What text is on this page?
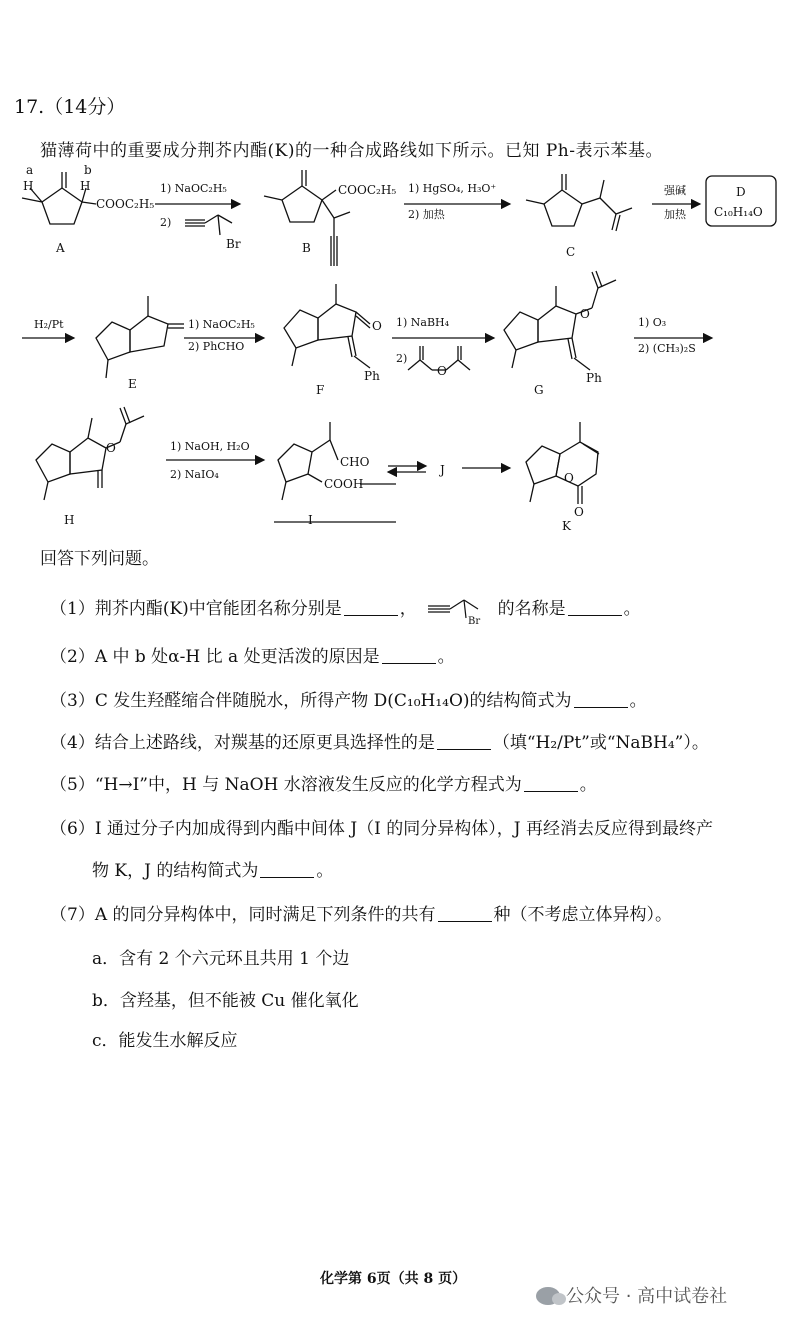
17.（14分）
猫薄荷中的重要成分荆芥内酯(K)的一种合成路线如下所示。已知 Ph-表示苯基。
a
H
b
H
COOC₂H₅
A
1) NaOC₂H₅
2)
Br
COOC₂H₅
B
1) HgSO₄, H₃O⁺
2) 加热
C
强碱
加热
D
C₁₀H₁₄O
H₂/Pt
E
1) NaOC₂H₅
2) PhCHO
O
Ph
F
1) NaBH₄
2)
O	Ph
O
G
1) O₃
2) (CH₃)₂S
O
H
1) NaOH, H₂O
2) NaIO₄
CHO
COOH
I
J
O
O
K
回答下列问题。
（1）荆芥内酯(K)中官能团名称分别是	，
Br
的名称是	。
（2）A 中 b 处α-H 比 a 处更活泼的原因是	。
（3）C 发生羟醛缩合伴随脱水，所得产物 D(C₁₀H₁₄O)的结构简式为	。
（4）结合上述路线，对羰基的还原更具选择性的是	（填“H₂/Pt”或“NaBH₄”）。
（5）“H→I”中，H 与 NaOH 水溶液发生反应的化学方程式为	。
（6）I 通过分子内加成得到内酯中间体 J（I 的同分异构体），J 再经消去反应得到最终产
物 K，J 的结构简式为	。
（7）A 的同分异构体中，同时满足下列条件的共有	种（不考虑立体异构）。
a．含有 2 个六元环且共用 1 个边
b．含羟基，但不能被 Cu 催化氧化
c．能发生水解反应
化学第 6页（共 8 页）
公众号 · 高中试卷社
